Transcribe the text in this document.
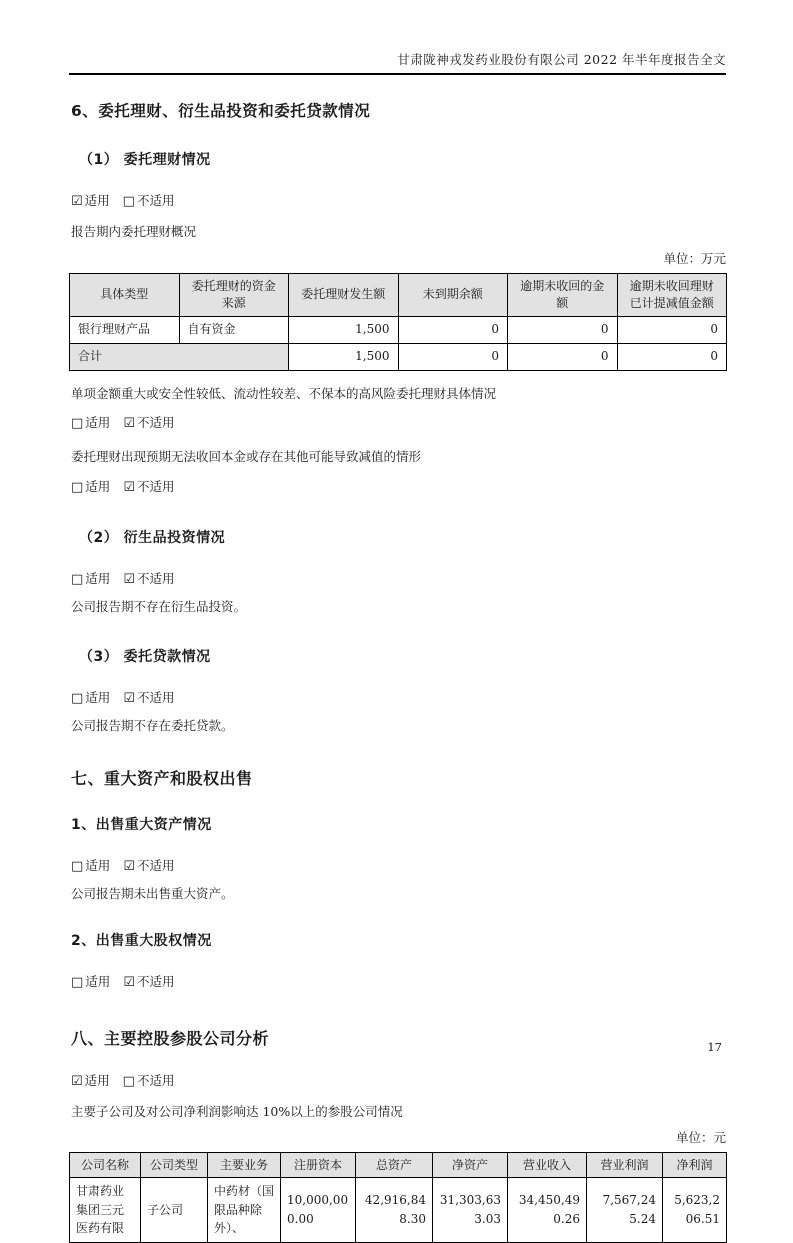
甘肃陇神戎发药业股份有限公司 2022 年半年度报告全文
6、委托理财、衍生品投资和委托贷款情况
（1） 委托理财情况
☑ 适用 □ 不适用
报告期内委托理财概况
单位：万元
具体类型	委托理财的资金来源	委托理财发生额	未到期余额	逾期未收回的金额	逾期未收回理财已计提减值金额
银行理财产品	自有资金	1,500	0	0	0
合计		1,500	0	0	0
单项金额重大或安全性较低、流动性较差、不保本的高风险委托理财具体情况
□ 适用 ☑ 不适用
委托理财出现预期无法收回本金或存在其他可能导致减值的情形
□ 适用 ☑ 不适用
（2） 衍生品投资情况
□ 适用 ☑ 不适用
公司报告期不存在衍生品投资。
（3） 委托贷款情况
□ 适用 ☑ 不适用
公司报告期不存在委托贷款。
七、重大资产和股权出售
1、出售重大资产情况
□ 适用 ☑ 不适用
公司报告期未出售重大资产。
2、出售重大股权情况
□ 适用 ☑ 不适用
八、主要控股参股公司分析
☑ 适用 □ 不适用
主要子公司及对公司净利润影响达 10%以上的参股公司情况
单位：元
公司名称	公司类型	主要业务	注册资本	总资产	净资产	营业收入	营业利润	净利润
甘肃药业集团三元医药有限	子公司	中药材（国限品种除外）、	10,000,000.00	42,916,848.30	31,303,633.03	34,450,490.26	7,567,245.24	5,623,206.51
17
